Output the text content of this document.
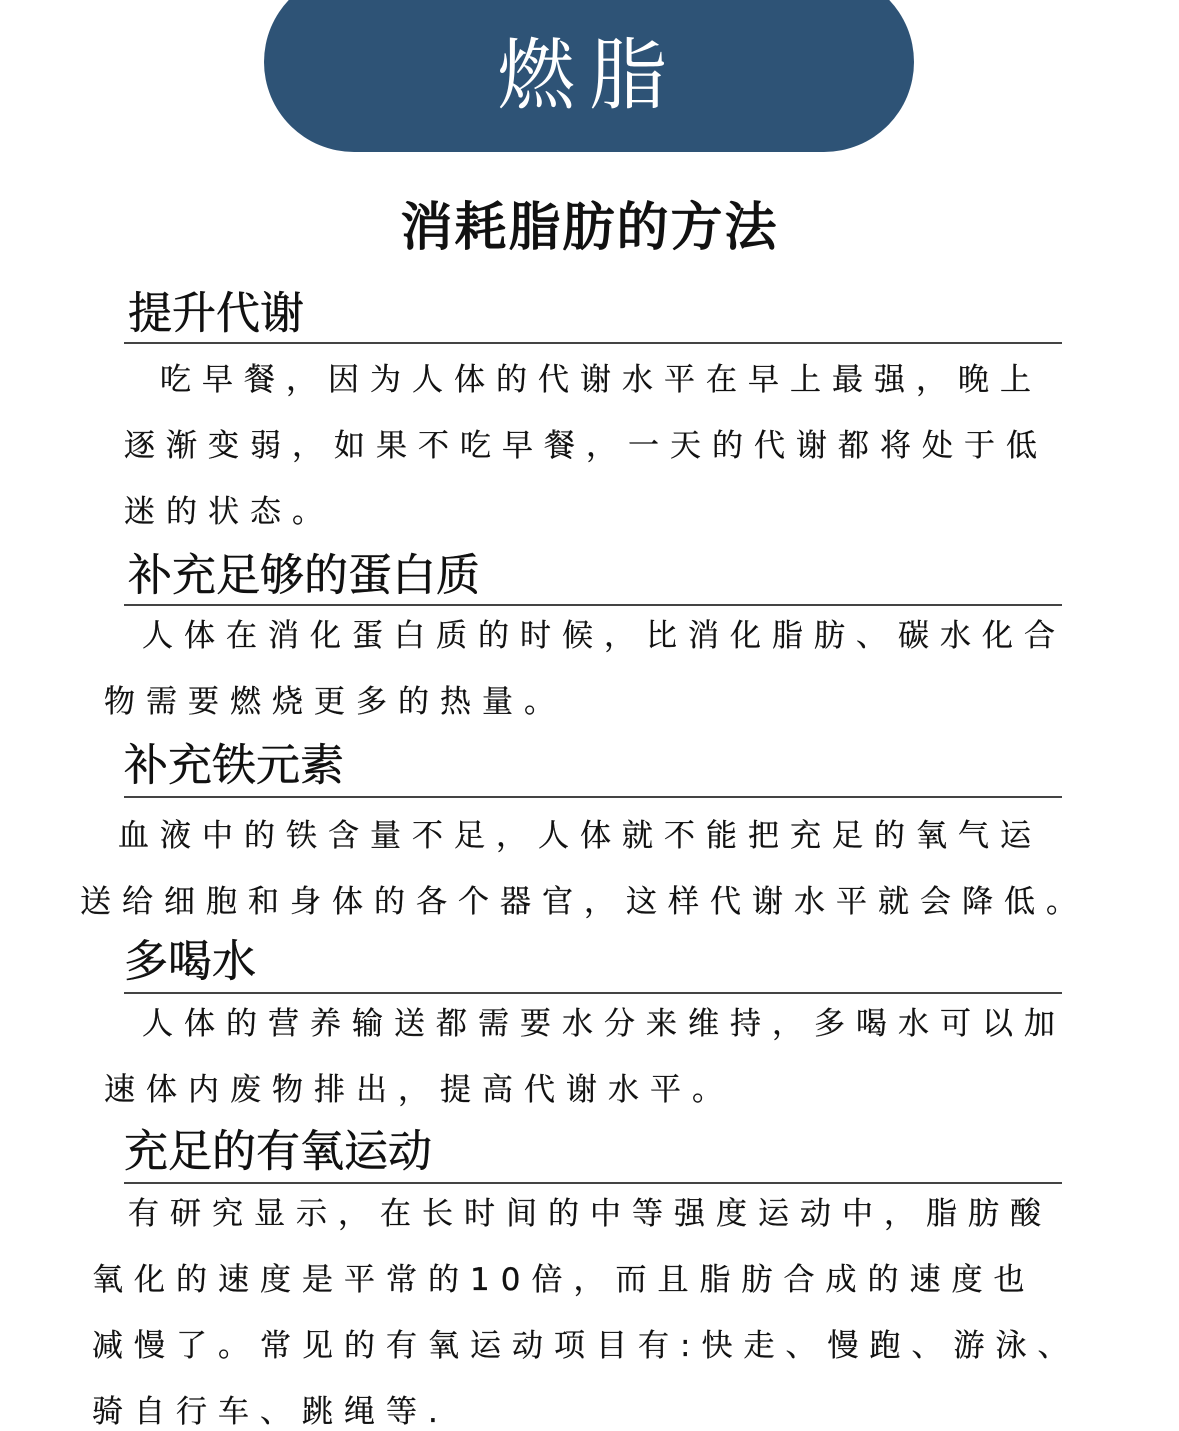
燃脂
消耗脂肪的方法
提升代谢
吃早餐，因为人体的代谢水平在早上最强，晚上
逐渐变弱，如果不吃早餐，一天的代谢都将处于低
迷的状态。
补充足够的蛋白质
人体在消化蛋白质的时候，比消化脂肪、碳水化合
物需要燃烧更多的热量。
补充铁元素
血液中的铁含量不足，人体就不能把充足的氧气运
送给细胞和身体的各个器官，这样代谢水平就会降低。
多喝水
人体的营养输送都需要水分来维持，多喝水可以加
速体内废物排出，提高代谢水平。
充足的有氧运动
有研究显示，在长时间的中等强度运动中，脂肪酸
氧化的速度是平常的10倍，而且脂肪合成的速度也
减慢了。常见的有氧运动项目有:快走、慢跑、游泳、
骑自行车、跳绳等.
